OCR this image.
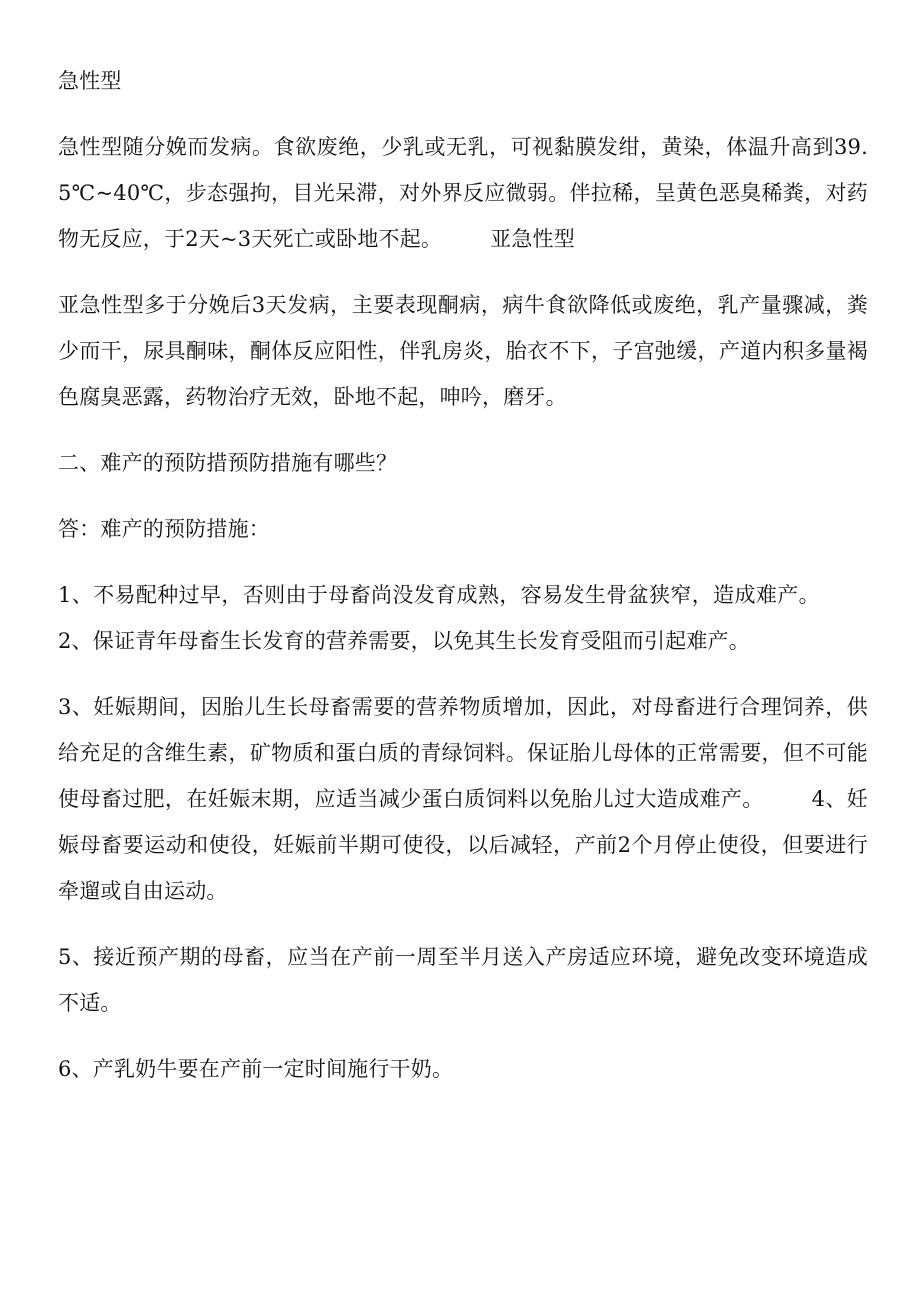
急性型

急性型随分娩而发病。食欲废绝，少乳或无乳，可视黏膜发绀，黄染，体温升高到39.5℃~40℃，步态强拘，目光呆滞，对外界反应微弱。伴拉稀，呈黄色恶臭稀粪，对药物无反应，于2天~3天死亡或卧地不起。 亚急性型

亚急性型多于分娩后3天发病，主要表现酮病，病牛食欲降低或废绝，乳产量骤减，粪少而干，尿具酮味，酮体反应阳性，伴乳房炎，胎衣不下，子宫弛缓，产道内积多量褐色腐臭恶露，药物治疗无效，卧地不起，呻吟，磨牙。

二、难产的预防措预防措施有哪些？

答：难产的预防措施：

1、不易配种过早，否则由于母畜尚没发育成熟，容易发生骨盆狭窄，造成难产。2、保证青年母畜生长发育的营养需要，以免其生长发育受阻而引起难产。

3、妊娠期间，因胎儿生长母畜需要的营养物质增加，因此，对母畜进行合理饲养，供给充足的含维生素，矿物质和蛋白质的青绿饲料。保证胎儿母体的正常需要，但不可能使母畜过肥，在妊娠末期，应适当减少蛋白质饲料以免胎儿过大造成难产。 4、妊娠母畜要运动和使役，妊娠前半期可使役，以后减轻，产前2个月停止使役，但要进行牵遛或自由运动。

5、接近预产期的母畜，应当在产前一周至半月送入产房适应环境，避免改变环境造成不适。

6、产乳奶牛要在产前一定时间施行干奶。
